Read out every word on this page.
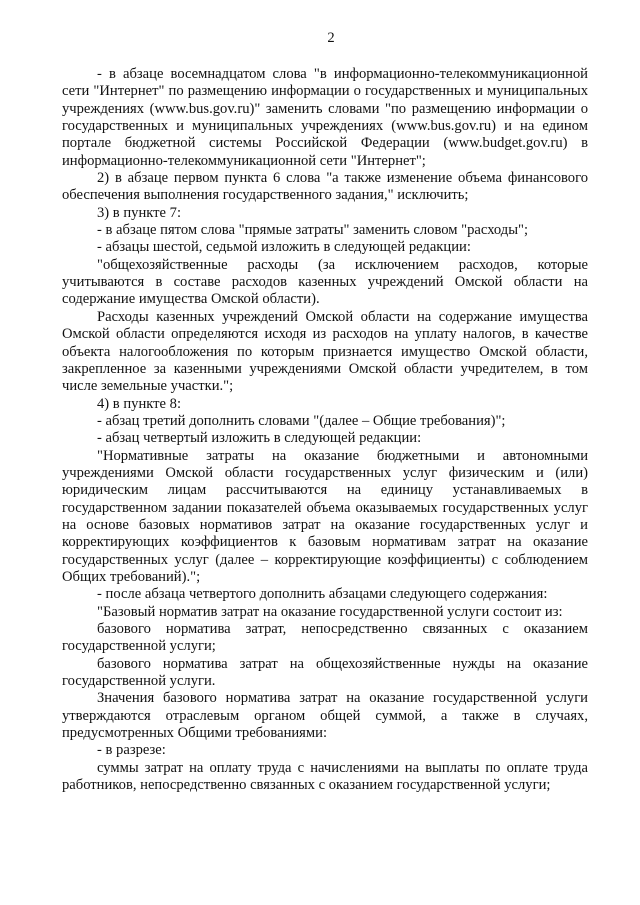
2

- в абзаце восемнадцатом слова "в информационно-телекоммуникационной сети "Интернет" по размещению информации о государственных и муниципальных учреждениях (www.bus.gov.ru)" заменить словами "по размещению информации о государственных и муниципальных учреждениях (www.bus.gov.ru) и на едином портале бюджетной системы Российской Федерации (www.budget.gov.ru) в информационно-телекоммуникационной сети "Интернет";

2) в абзаце первом пункта 6 слова "а также изменение объема финансового обеспечения выполнения государственного задания," исключить;

3) в пункте 7:

- в абзаце пятом слова "прямые затраты" заменить словом "расходы";

- абзацы шестой, седьмой изложить в следующей редакции:

"общехозяйственные расходы (за исключением расходов, которые учитываются в составе расходов казенных учреждений Омской области на содержание имущества Омской области).

Расходы казенных учреждений Омской области на содержание имущества Омской области определяются исходя из расходов на уплату налогов, в качестве объекта налогообложения по которым признается имущество Омской области, закрепленное за казенными учреждениями Омской области учредителем, в том числе земельные участки.";

4) в пункте 8:

- абзац третий дополнить словами "(далее – Общие требования)";

- абзац четвертый изложить в следующей редакции:

"Нормативные затраты на оказание бюджетными и автономными учреждениями Омской области государственных услуг физическим и (или) юридическим лицам рассчитываются на единицу устанавливаемых в государственном задании показателей объема оказываемых государственных услуг на основе базовых нормативов затрат на оказание государственных услуг и корректирующих коэффициентов к базовым нормативам затрат на оказание государственных услуг (далее – корректирующие коэффициенты) с соблюдением Общих требований).";

- после абзаца четвертого дополнить абзацами следующего содержания:

"Базовый норматив затрат на оказание государственной услуги состоит из:

базового норматива затрат, непосредственно связанных с оказанием государственной услуги;

базового норматива затрат на общехозяйственные нужды на оказание государственной услуги.

Значения базового норматива затрат на оказание государственной услуги утверждаются отраслевым органом общей суммой, а также в случаях, предусмотренных Общими требованиями:

- в разрезе:

суммы затрат на оплату труда с начислениями на выплаты по оплате труда работников, непосредственно связанных с оказанием государственной услуги;
